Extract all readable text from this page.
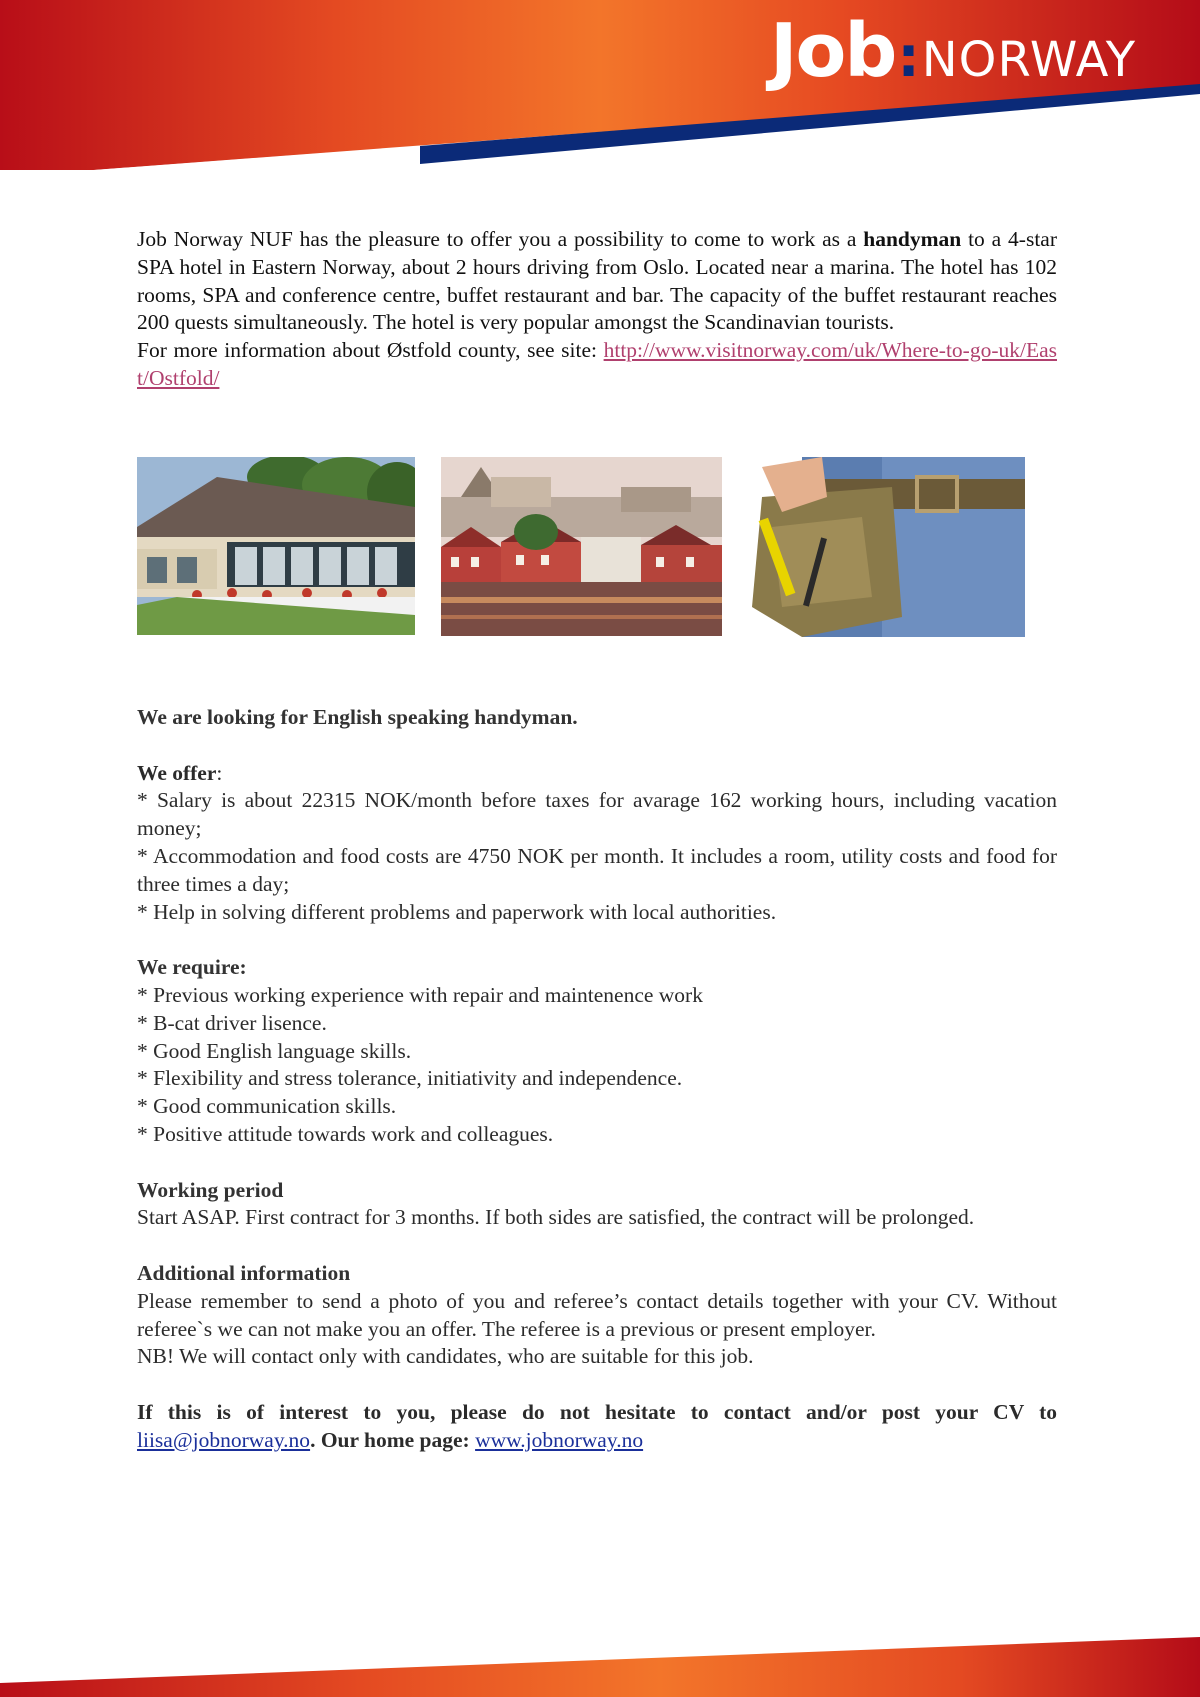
Job:NORWAY

Job Norway NUF has the pleasure to offer you a possibility to come to work as a handyman to a 4-star SPA hotel in Eastern Norway, about 2 hours driving from Oslo. Located near a marina. The hotel has 102 rooms, SPA and conference centre, buffet restaurant and bar. The capacity of the buffet restaurant reaches 200 quests simultaneously. The hotel is very popular amongst the Scandinavian tourists.

For more information about Østfold county, see site: http://www.visitnorway.com/uk/Where-to-go-uk/East/Ostfold/

We are looking for English speaking handyman.

We offer:

* Salary is about 22315 NOK/month before taxes for avarage 162 working hours, including vacation money;

* Accommodation and food costs are 4750 NOK per month. It includes a room, utility costs and food for three times a day;

* Help in solving different problems and paperwork with local authorities.

We require:

* Previous working experience with repair and maintenence work

* B-cat driver lisence.

* Good English language skills.

* Flexibility and stress tolerance, initiativity and independence.

* Good communication skills.

* Positive attitude towards work and colleagues.

Working period

Start ASAP. First contract for 3 months. If both sides are satisfied, the contract will be prolonged.

Additional information

Please remember to send a photo of you and referee’s contact details together with your CV. Without referee`s we can not make you an offer. The referee is a previous or present employer.

NB! We will contact only with candidates, who are suitable for this job.

If this is of interest to you, please do not hesitate to contact and/or post your CV to liisa@jobnorway.no. Our home page: www.jobnorway.no
